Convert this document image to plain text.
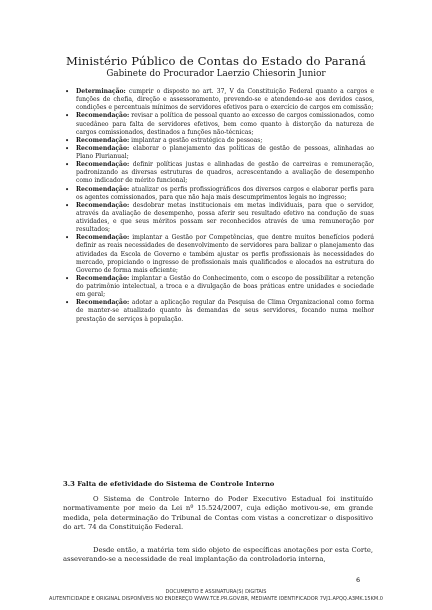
Ministério Público de Contas do Estado do Paraná
Gabinete do Procurador Laerzio Chiesorin Junior
• Determinação: cumprir o disposto no art. 37, V da Constituição Federal quanto a cargos e funções de chefia, direção e assessoramento, prevendo-se e atendendo-se aos devidos casos, condições e percentuais mínimos de servidores efetivos para o exercício de cargos em comissão;
• Recomendação: revisar a política de pessoal quanto ao excesso de cargos comissionados, como sucedâneo para falta de servidores efetivos, bem como quanto à distorção da natureza de cargos comissionados, destinados a funções não-técnicas;
• Recomendação: implantar a gestão estratégica de pessoas;
• Recomendação: elaborar o planejamento das políticas de gestão de pessoas, alinhadas ao Plano Plurianual;
• Recomendação: definir políticas justas e alinhadas de gestão de carreiras e remuneração, padronizando as diversas estruturas de quadros, acrescentando a avaliação de desempenho como indicador de mérito funcional;
• Recomendação: atualizar os perfis profissiográficos dos diversos cargos e elaborar perfis para os agentes comissionados, para que não haja mais descumprimentos legais no ingresso;
• Recomendação: desdobrar metas institucionais em metas individuais, para que o servidor, através da avaliação de desempenho, possa aferir seu resultado efetivo na condução de suas atividades, e que seus méritos possam ser reconhecidos através de uma remuneração por resultados;
• Recomendação: implantar a Gestão por Competências, que dentre muitos benefícios poderá definir as reais necessidades de desenvolvimento de servidores para balizar o planejamento das atividades da Escola de Governo e também ajustar os perfis profissionais às necessidades do mercado, propiciando o ingresso de profissionais mais qualificados e alocados na estrutura do Governo de forma mais eficiente;
• Recomendação: implantar a Gestão do Conhecimento, com o escopo de possibilitar a retenção do patrimônio intelectual, a troca e a divulgação de boas práticas entre unidades e sociedade em geral;
• Recomendação: adotar a aplicação regular da Pesquisa de Clima Organizacional como forma de manter-se atualizado quanto às demandas de seus servidores, focando numa melhor prestação de serviços à população.
3.3 Falta de efetividade do Sistema de Controle Interno

O Sistema de Controle Interno do Poder Executivo Estadual foi instituído normativamente por meio da Lei nº 15.524/2007, cuja edição motivou-se, em grande medida, pela determinação do Tribunal de Contas com vistas a concretizar o dispositivo do art. 74 da Constituição Federal.

Desde então, a matéria tem sido objeto de específicas anotações por esta Corte, asseverando-se a necessidade de real implantação da controladoria interna,

6
DOCUMENTO E ASSINATURA(S) DIGITAIS
AUTENTICIDADE E ORIGINAL DISPONÍVEIS NO ENDEREÇO WWW.TCE.PR.GOV.BR, MEDIANTE IDENTIFICADOR 7VJ1.APQQ.A3MK.15KM.0
